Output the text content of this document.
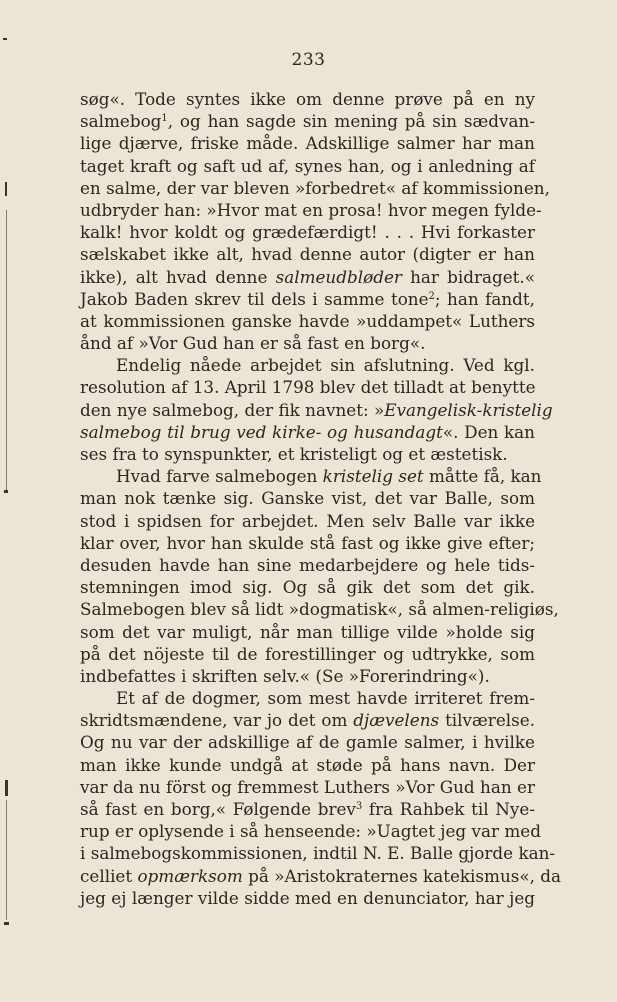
233
søg«. Tode syntes ikke om denne prøve på en ny
salmebog$^1$, og han sagde sin mening på sin sædvan-
lige djærve, friske måde. Adskillige salmer har man
taget kraft og saft ud af, synes han, og i anledning af
en salme, der var bleven »forbedret« af kommissionen,
udbryder han: »Hvor mat en prosa! hvor megen fylde-
kalk! hvor koldt og grædefærdigt! . . . Hvi forkaster
sælskabet ikke alt, hvad denne autor (digter er han
ikke), alt hvad denne salmeudbløder har bidraget.«
Jakob Baden skrev til dels i samme tone$^2$; han fandt,
at kommissionen ganske havde »uddampet« Luthers
ånd af »Vor Gud han er så fast en borg«.
Endelig nåede arbejdet sin afslutning. Ved kgl.
resolution af 13. April 1798 blev det tilladt at benytte
den nye salmebog, der fik navnet: »Evangelisk-kristelig
salmebog til brug ved kirke- og husandagt«. Den kan
ses fra to synspunkter, et kristeligt og et æstetisk.
Hvad farve salmebogen kristelig set måtte få, kan
man nok tænke sig. Ganske vist, det var Balle, som
stod i spidsen for arbejdet. Men selv Balle var ikke
klar over, hvor han skulde stå fast og ikke give efter;
desuden havde han sine medarbejdere og hele tids-
stemningen imod sig. Og så gik det som det gik.
Salmebogen blev så lidt »dogmatisk«, så almen-religiøs,
som det var muligt, når man tillige vilde »holde sig
på det nöjeste til de forestillinger og udtrykke, som
indbefattes i skriften selv.« (Se »Forerindring«).
Et af de dogmer, som mest havde irriteret frem-
skridtsmændene, var jo det om djævelens tilværelse.
Og nu var der adskillige af de gamle salmer, i hvilke
man ikke kunde undgå at støde på hans navn. Der
var da nu först og fremmest Luthers »Vor Gud han er
så fast en borg,« Følgende brev$^3$ fra Rahbek til Nye-
rup er oplysende i så henseende: »Uagtet jeg var med
i salmebogskommissionen, indtil N. E. Balle gjorde kan-
celliet opmærksom på »Aristokraternes katekismus«, da
jeg ej længer vilde sidde med en denunciator, har jeg
